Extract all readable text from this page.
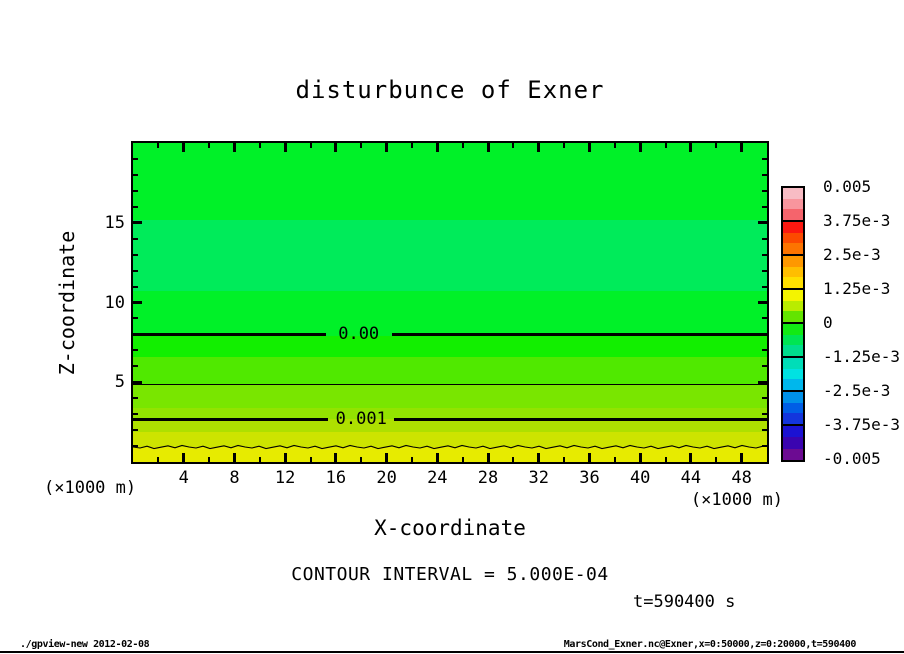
disturbunce of Exner
0.00
0.001
Z-coordinate
(×1000 m)
(×1000 m)
X-coordinate
CONTOUR INTERVAL = 5.000E-04
t=590400 s
./gpview-new 2012-02-08	MarsCond_Exner.nc@Exner,x=0:50000,z=0:20000,t=590400
4	8	12	16	20	24	28	32	36	40	44	48
5
10
15
0.005
3.75e-3
2.5e-3
1.25e-3
0
-1.25e-3
-2.5e-3
-3.75e-3
-0.005
